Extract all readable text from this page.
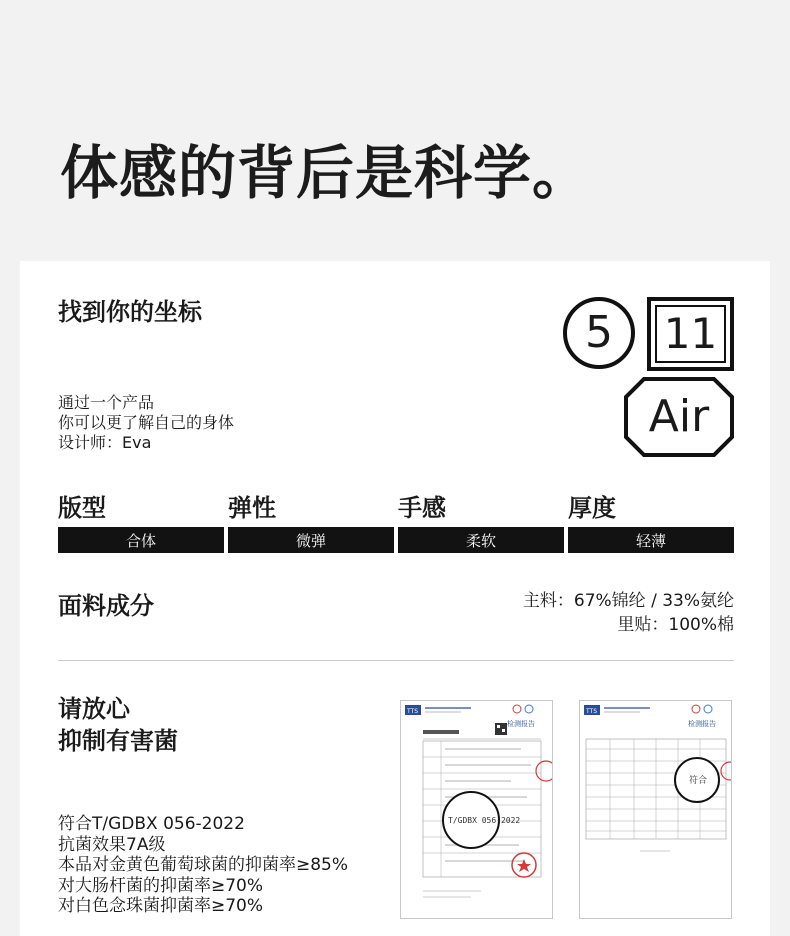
体感的背后是科学。
找到你的坐标
通过一个产品
你可以更了解自己的身体
设计师：Eva
5	11
Air
版型	弹性	手感	厚度
合体	微弹	柔软	轻薄
面料成分	主料：67%锦纶 / 33%氨纶
里贴：100%棉
请放心
抑制有害菌
符合T/GDBX 056-2022
抗菌效果7A级
本品对金黄色葡萄球菌的抑菌率≥85%
对大肠杆菌的抑菌率≥70%
对白色念珠菌抑菌率≥70%
TTS
检测报告
T/GDBX 056-2022
TTS
检测报告
符合
